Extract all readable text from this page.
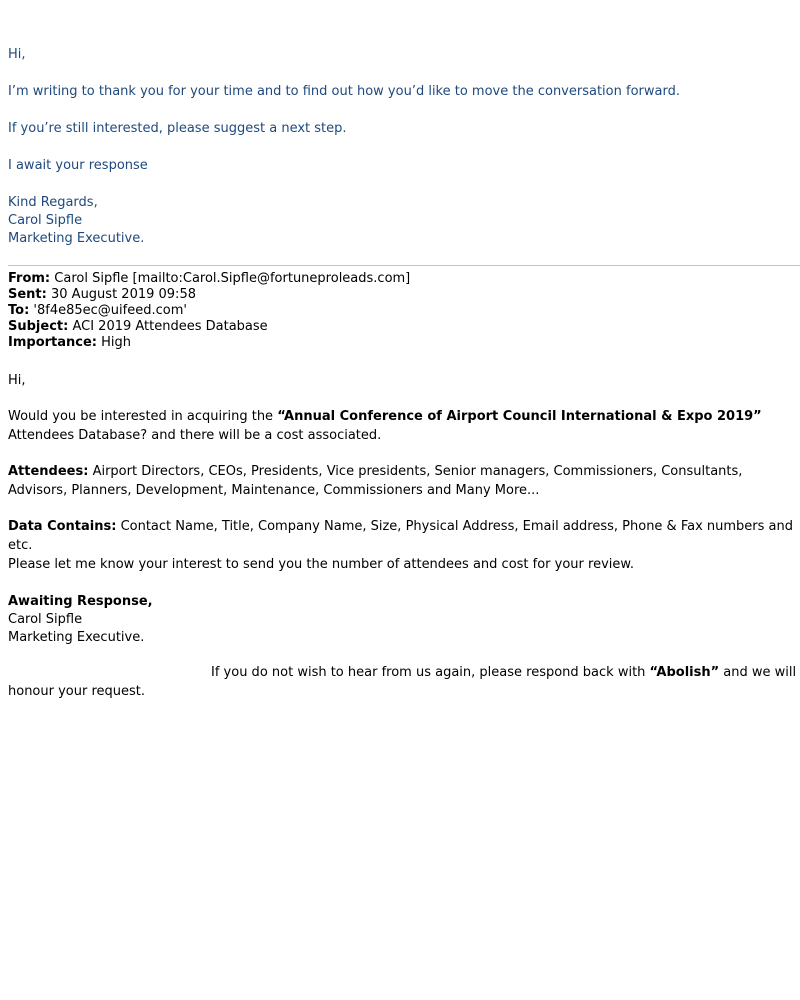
Hi,
I’m writing to thank you for your time and to find out how you’d like to move the conversation forward.
If you’re still interested, please suggest a next step.
I await your response
Kind Regards,
Carol Sipfle
Marketing Executive.
From: Carol Sipfle [mailto:Carol.Sipfle@fortuneproleads.com]
Sent: 30 August 2019 09:58
To: '8f4e85ec@uifeed.com'
Subject: ACI 2019 Attendees Database
Importance: High
Hi,
Would you be interested in acquiring the “Annual Conference of Airport Council International & Expo 2019” Attendees Database? and there will be a cost associated.
Attendees: Airport Directors, CEOs, Presidents, Vice presidents, Senior managers, Commissioners, Consultants, Advisors, Planners, Development, Maintenance, Commissioners and Many More...
Data Contains: Contact Name, Title, Company Name, Size, Physical Address, Email address, Phone & Fax numbers and etc.
Please let me know your interest to send you the number of attendees and cost for your review.
Awaiting Response,
Carol Sipfle
Marketing Executive.
If you do not wish to hear from us again, please respond back with “Abolish” and we will honour your request.
